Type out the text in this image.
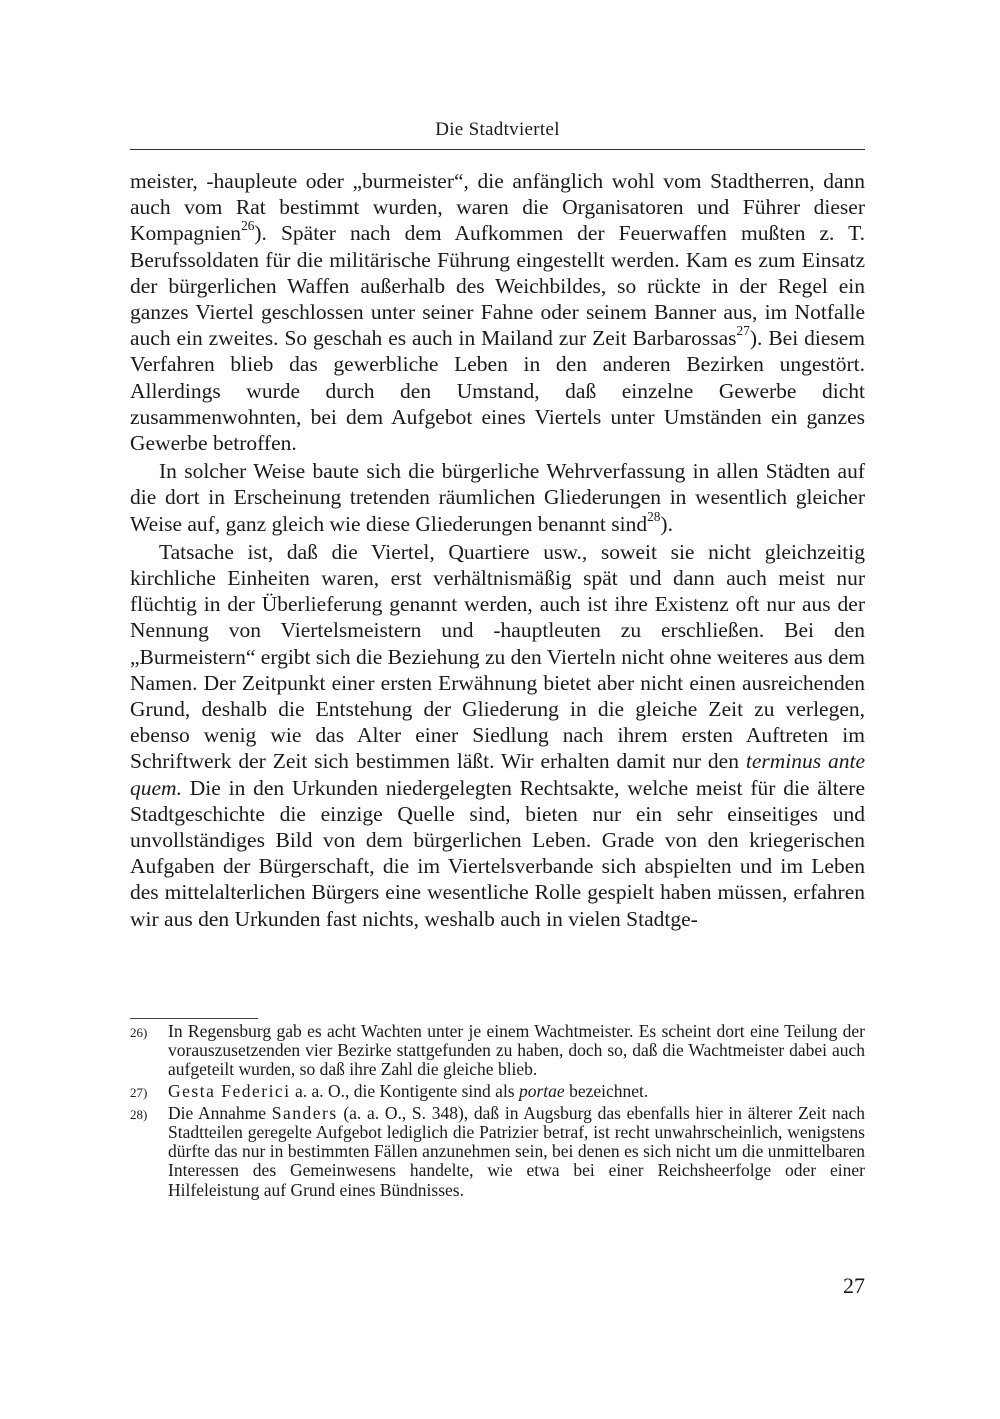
Die Stadtviertel

meister, -haupleute oder „burmeister“, die anfänglich wohl vom Stadtherren, dann auch vom Rat bestimmt wurden, waren die Organisatoren und Führer dieser Kompagnien$^{26}$). Später nach dem Aufkommen der Feuerwaffen mußten z. T. Berufssoldaten für die militärische Führung eingestellt werden. Kam es zum Einsatz der bürgerlichen Waffen außerhalb des Weichbildes, so rückte in der Regel ein ganzes Viertel geschlossen unter seiner Fahne oder seinem Banner aus, im Notfalle auch ein zweites. So geschah es auch in Mailand zur Zeit Barbarossas$^{27}$). Bei diesem Verfahren blieb das gewerbliche Leben in den anderen Bezirken ungestört. Allerdings wurde durch den Umstand, daß einzelne Gewerbe dicht zusammenwohnten, bei dem Aufgebot eines Viertels unter Umständen ein ganzes Gewerbe betroffen.

In solcher Weise baute sich die bürgerliche Wehrverfassung in allen Städten auf die dort in Erscheinung tretenden räumlichen Gliederungen in wesentlich gleicher Weise auf, ganz gleich wie diese Gliederungen benannt sind$^{28}$).

Tatsache ist, daß die Viertel, Quartiere usw., soweit sie nicht gleichzeitig kirchliche Einheiten waren, erst verhältnismäßig spät und dann auch meist nur flüchtig in der Überlieferung genannt werden, auch ist ihre Existenz oft nur aus der Nennung von Viertelsmeistern und -hauptleuten zu erschließen. Bei den „Burmeistern“ ergibt sich die Beziehung zu den Vierteln nicht ohne weiteres aus dem Namen. Der Zeitpunkt einer ersten Erwähnung bietet aber nicht einen ausreichenden Grund, deshalb die Entstehung der Gliederung in die gleiche Zeit zu verlegen, ebenso wenig wie das Alter einer Siedlung nach ihrem ersten Auftreten im Schriftwerk der Zeit sich bestimmen läßt. Wir erhalten damit nur den terminus ante quem. Die in den Urkunden niedergelegten Rechtsakte, welche meist für die ältere Stadtgeschichte die einzige Quelle sind, bieten nur ein sehr einseitiges und unvollständiges Bild von dem bürgerlichen Leben. Grade von den kriegerischen Aufgaben der Bürgerschaft, die im Viertelsverbande sich abspielten und im Leben des mittelalterlichen Bürgers eine wesentliche Rolle gespielt haben müssen, erfahren wir aus den Urkunden fast nichts, weshalb auch in vielen Stadtge-

26)	In Regensburg gab es acht Wachten unter je einem Wachtmeister. Es scheint dort eine Teilung der vorauszusetzenden vier Bezirke stattgefunden zu haben, doch so, daß die Wachtmeister dabei auch aufgeteilt wurden, so daß ihre Zahl die gleiche blieb.
27)	Gesta Federici a. a. O., die Kontigente sind als portae bezeichnet.
28)	Die Annahme Sanders (a. a. O., S. 348), daß in Augsburg das ebenfalls hier in älterer Zeit nach Stadtteilen geregelte Aufgebot lediglich die Patrizier betraf, ist recht unwahrscheinlich, wenigstens dürfte das nur in bestimmten Fällen anzunehmen sein, bei denen es sich nicht um die unmittelbaren Interessen des Gemeinwesens handelte, wie etwa bei einer Reichsheerfolge oder einer Hilfeleistung auf Grund eines Bündnisses.
27
